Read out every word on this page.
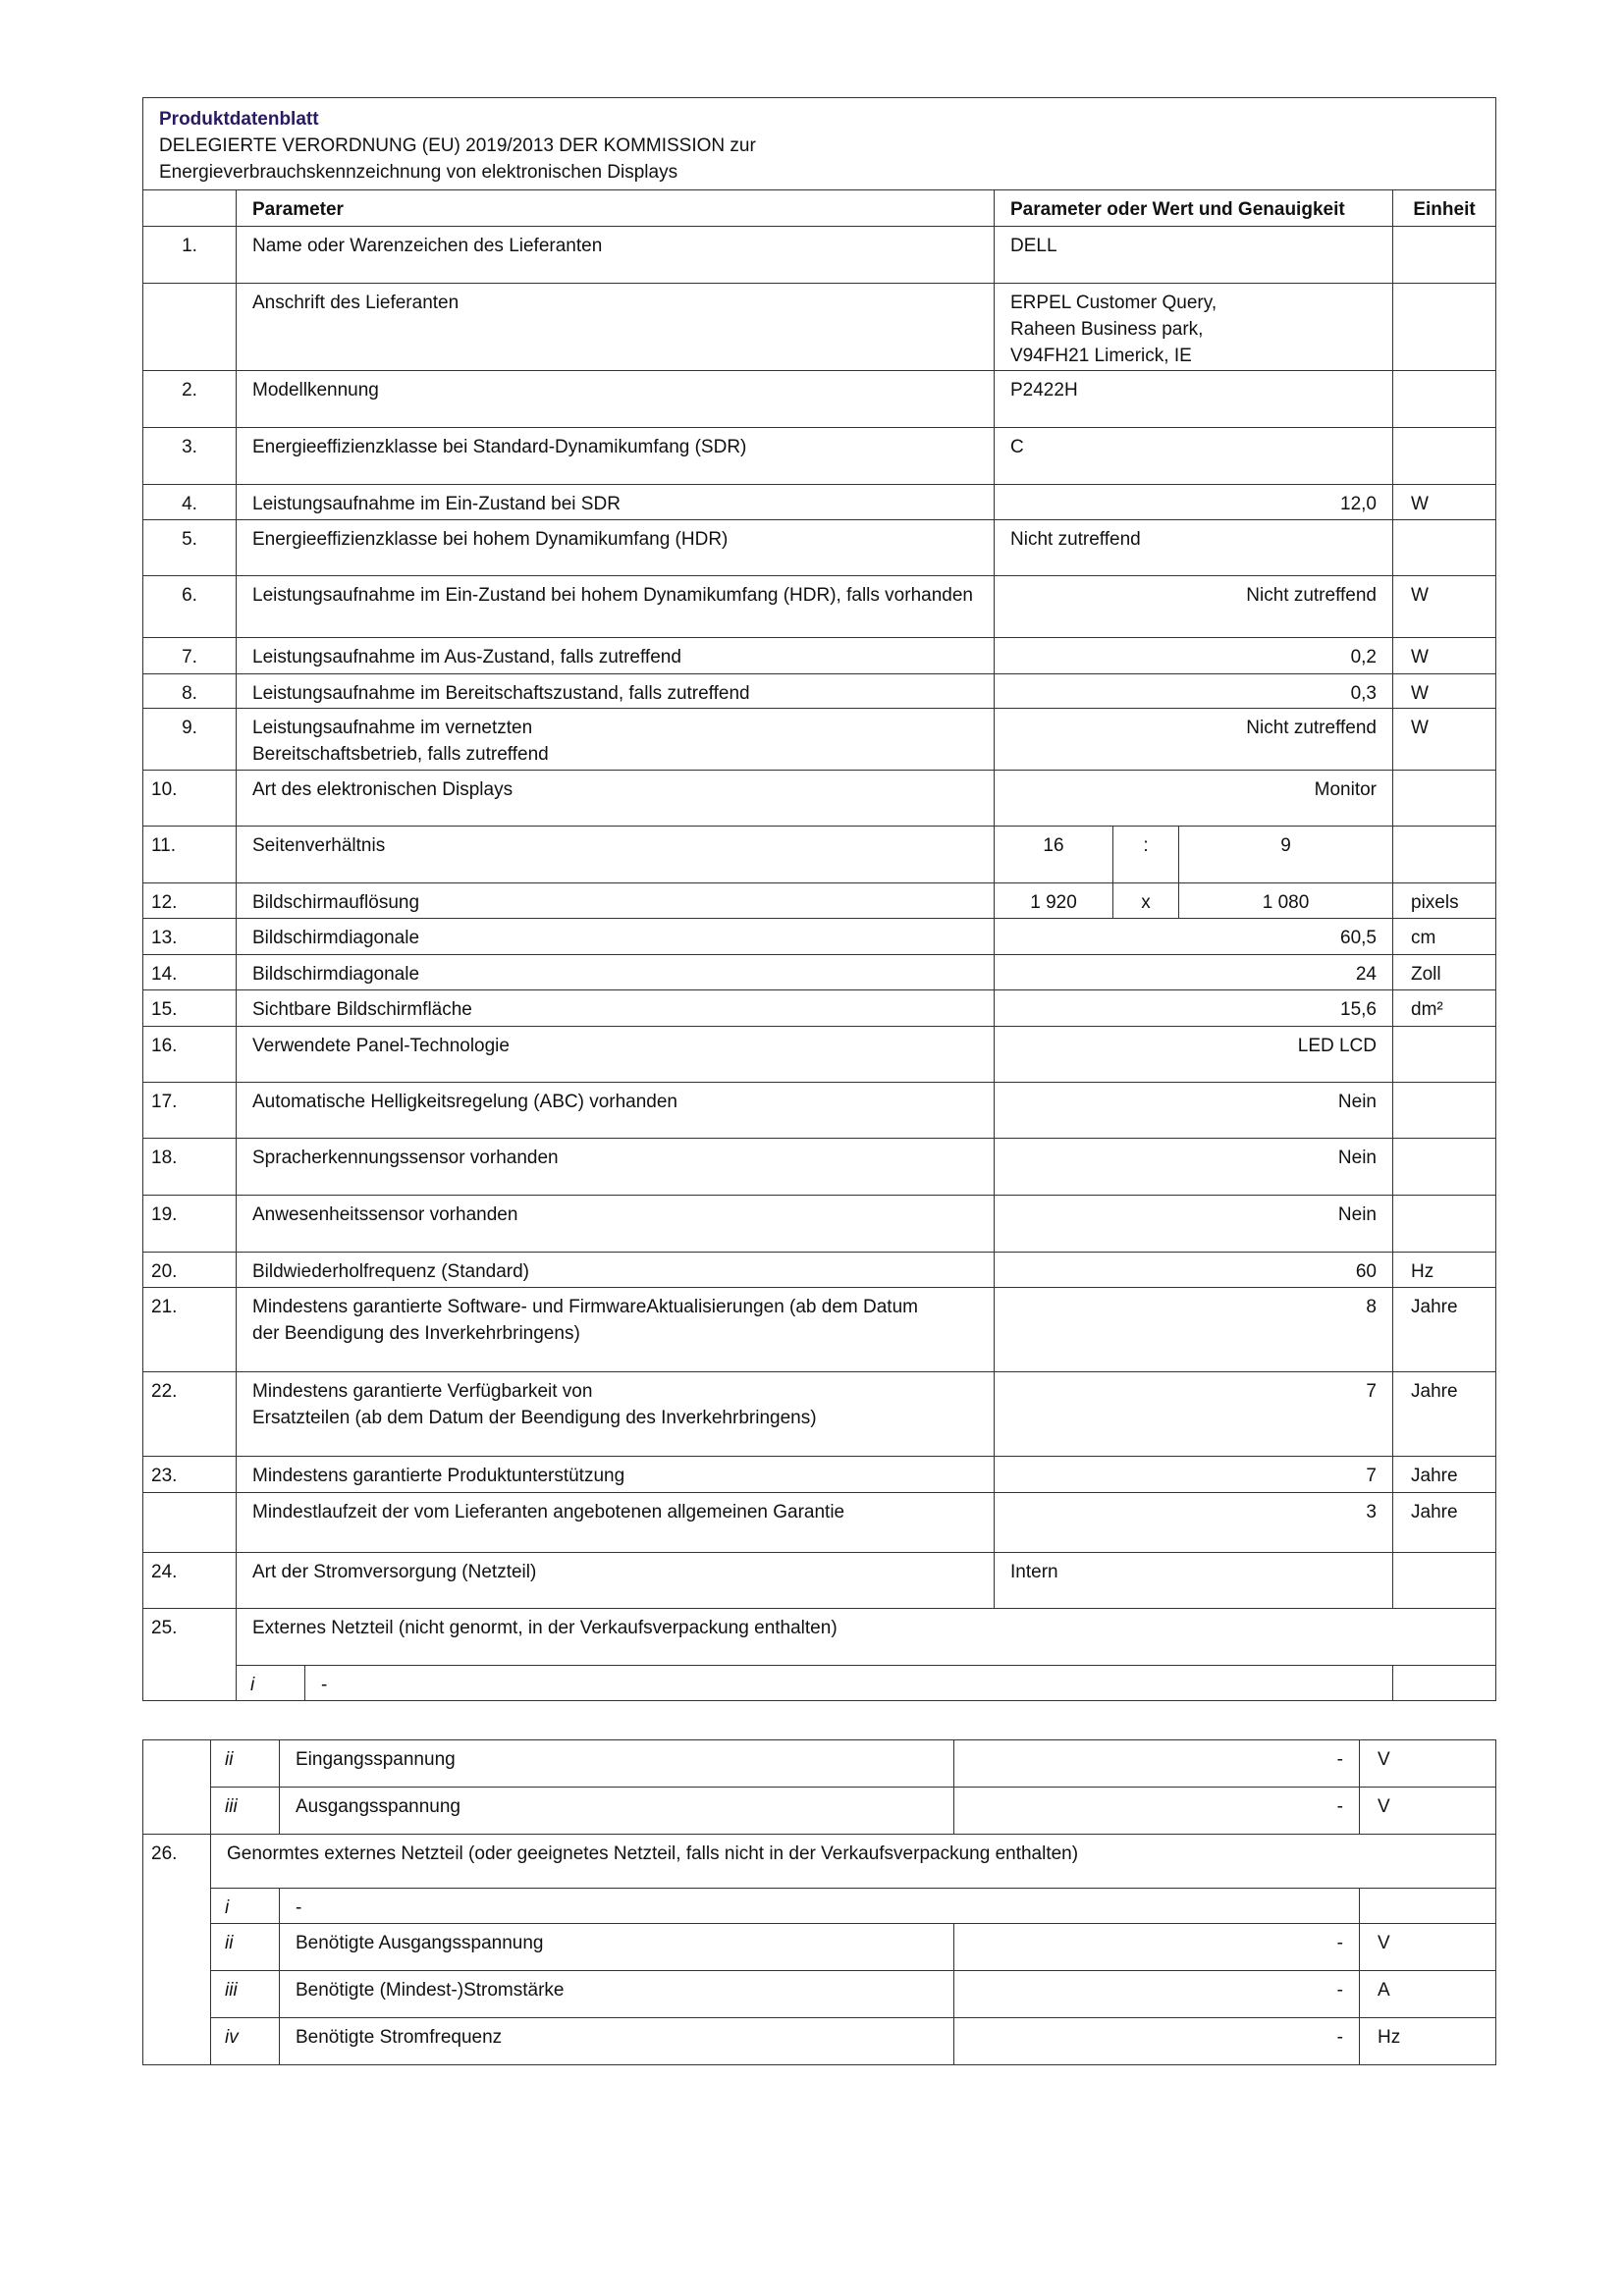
Produktdatenblatt
DELEGIERTE VERORDNUNG (EU) 2019/2013 DER KOMMISSION zur
Energieverbrauchskennzeichnung von elektronischen Displays						

	Parameter		Parameter oder Wert und Genauigkeit			Einheit
1.	Name oder Warenzeichen des Lieferanten		DELL			
	Anschrift des Lieferanten		ERPEL Customer Query,
Raheen Business park,
V94FH21 Limerick, IE			

2.	Modellkennung		P2422H			
3.	Energieeffizienzklasse bei Standard-Dynamikumfang (SDR)		C			
4.	Leistungsaufnahme im Ein-Zustand bei SDR		12,0			W
5.	Energieeffizienzklasse bei hohem Dynamikumfang (HDR)		Nicht zutreffend			
6.	Leistungsaufnahme im Ein-Zustand bei hohem Dynamikumfang (HDR), falls vorhanden		Nicht zutreffend			W
7.	Leistungsaufnahme im Aus-Zustand, falls zutreffend		0,2			W
8.	Leistungsaufnahme im Bereitschaftszustand, falls zutreffend		0,3			W
9.	Leistungsaufnahme im vernetzten
Bereitschaftsbetrieb, falls zutreffend		Nicht zutreffend			W
10.	Art des elektronischen Displays		Monitor			
11.	Seitenverhältnis		16	:	9	
12.	Bildschirmauflösung		1 920	x	1 080	pixels
13.	Bildschirmdiagonale		60,5			cm
14.	Bildschirmdiagonale		24			Zoll
15.	Sichtbare Bildschirmfläche		15,6			dm²
16.	Verwendete Panel-Technologie		LED LCD			
17.	Automatische Helligkeitsregelung (ABC) vorhanden		Nein			
18.	Spracherkennungssensor vorhanden		Nein			
19.	Anwesenheitssensor vorhanden		Nein			
20.	Bildwiederholfrequenz (Standard)		60			Hz
21.	Mindestens garantierte Software- und FirmwareAktualisierungen (ab dem Datum
der Beendigung des Inverkehrbringens)		8			Jahre
22.	Mindestens garantierte Verfügbarkeit von
Ersatzteilen (ab dem Datum der Beendigung des Inverkehrbringens)		7			Jahre
23.	Mindestens garantierte Produktunterstützung		7			Jahre
	Mindestlaufzeit der vom Lieferanten angebotenen allgemeinen Garantie		3			Jahre
24.	Art der Stromversorgung (Netzteil)		Intern			
25.	Externes Netzteil (nicht genormt, in der Verkaufsverpackung enthalten)					
	i	-				
	ii	Eingangsspannung	-	V
	iii	Ausgangsspannung	-	V
26.	Genormtes externes Netzteil (oder geeignetes Netzteil, falls nicht in der Verkaufsverpackung enthalten)			
	i	-		
	ii	Benötigte Ausgangsspannung	-	V
	iii	Benötigte (Mindest-)Stromstärke	-	A
	iv	Benötigte Stromfrequenz	-	Hz
